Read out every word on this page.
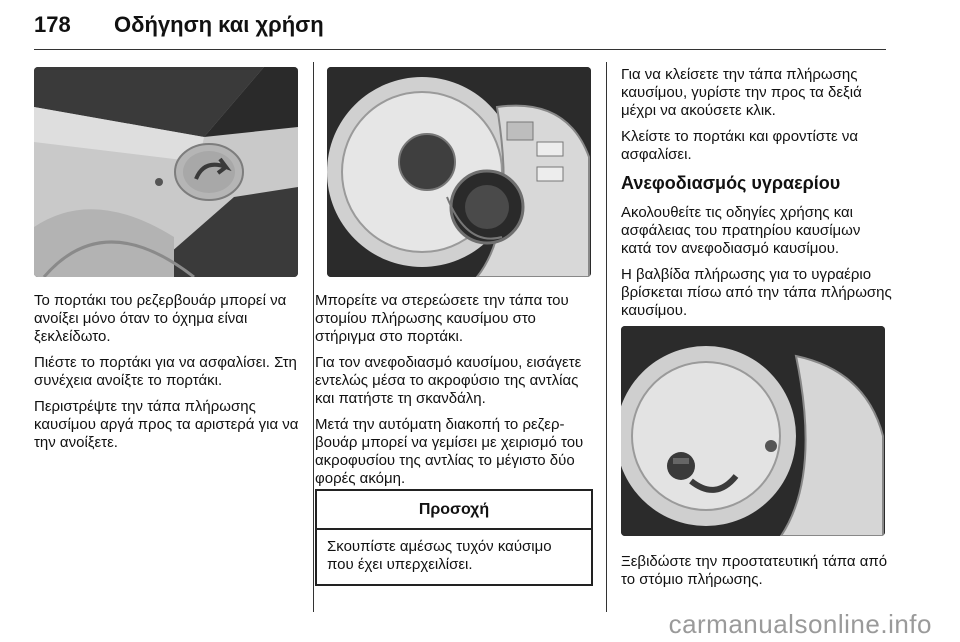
178 Οδήγηση και χρήση

Το πορτάκι του ρεζερβουάρ μπορεί να ανοίξει μόνο όταν το όχημα είναι ξεκλείδωτο.

Πιέστε το πορτάκι για να ασφαλίσει. Στη συνέχεια ανοίξτε το πορτάκι.

Περιστρέψτε την τάπα πλήρωσης καυσίμου αργά προς τα αριστερά για να την ανοίξετε.

Μπορείτε να στερεώσετε την τάπα του στομίου πλήρωσης καυσίμου στο στήριγμα στο πορτάκι.

Για τον ανεφοδιασμό καυσίμου, εισάγετε εντελώς μέσα το ακροφύσιο της αντλίας και πατήστε τη σκανδάλη.

Μετά την αυτόματη διακοπή το ρεζερβουάρ μπορεί να γεμίσει με χειρισμό του ακροφυσίου της αντλίας το μέγιστο δύο φορές ακόμη.

Προσοχή
Σκουπίστε αμέσως τυχόν καύσιμο που έχει υπερχειλίσει.

Για να κλείσετε την τάπα πλήρωσης καυσίμου, γυρίστε την προς τα δεξιά μέχρι να ακούσετε κλικ.

Κλείστε το πορτάκι και φροντίστε να ασφαλίσει.

Ανεφοδιασμός υγραερίου

Ακολουθείτε τις οδηγίες χρήσης και ασφάλειας του πρατηρίου καυσίμων κατά τον ανεφοδιασμό καυσίμου.

Η βαλβίδα πλήρωσης για το υγραέριο βρίσκεται πίσω από την τάπα πλήρωσης καυσίμου.

Ξεβιδώστε την προστατευτική τάπα από το στόμιο πλήρωσης.

carmanualsonline.info
